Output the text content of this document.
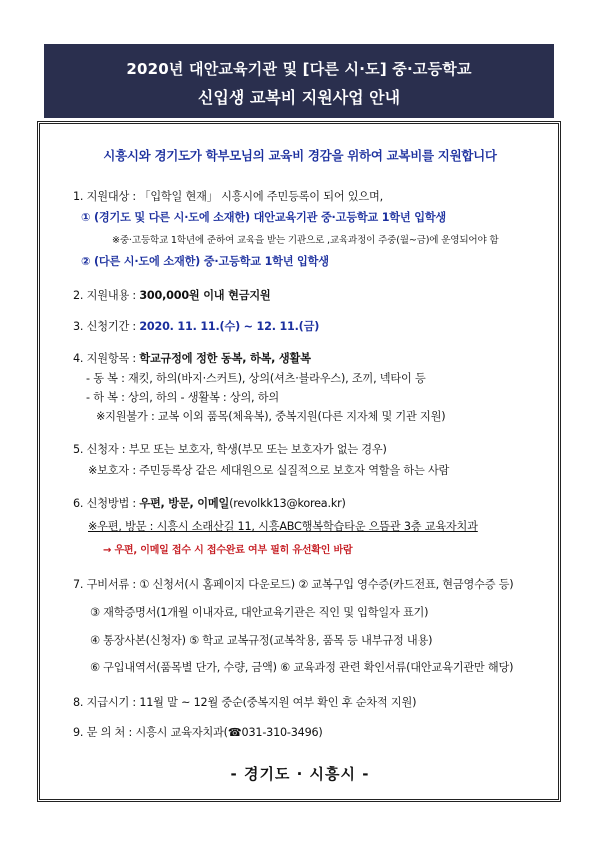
2020년 대안교육기관 및 [다른 시·도] 중·고등학교
신입생 교복비 지원사업 안내
시흥시와 경기도가 학부모님의 교육비 경감을 위하여 교복비를 지원합니다
1. 지원대상 : 「입학일 현재」 시흥시에 주민등록이 되어 있으며,
① (경기도 및 다른 시·도에 소재한) 대안교육기관 중·고등학교 1학년 입학생
※중·고등학교 1학년에 준하여 교육을 받는 기관으로 ,교육과정이 주중(월~금)에 운영되어야 함
② (다른 시·도에 소재한) 중·고등학교 1학년 입학생
2. 지원내용 : 300,000원 이내 현금지원
3. 신청기간 : 2020. 11. 11.(수) ~ 12. 11.(금)
4. 지원항목 : 학교규정에 정한 동복, 하복, 생활복
- 동 복 : 재킷, 하의(바지·스커트), 상의(셔츠·블라우스), 조끼, 넥타이 등
- 하 복 : 상의, 하의 - 생활복 : 상의, 하의
※지원불가 : 교복 이외 품목(체육복), 중복지원(다른 지자체 및 기관 지원)
5. 신청자 : 부모 또는 보호자, 학생(부모 또는 보호자가 없는 경우)
※보호자 : 주민등록상 같은 세대원으로 실질적으로 보호자 역할을 하는 사람
6. 신청방법 : 우편, 방문, 이메일(revolkk13@korea.kr)
※우편, 방문 : 시흥시 소래산길 11, 시흥ABC행복학습타운 으뜸관 3층 교육자치과
→ 우편, 이메일 접수 시 접수완료 여부 필히 유선확인 바람
7. 구비서류 : ① 신청서(시 홈페이지 다운로드) ② 교복구입 영수증(카드전표, 현금영수증 등)
③ 재학증명서(1개월 이내자료, 대안교육기관은 직인 및 입학일자 표기)
④ 통장사본(신청자) ⑤ 학교 교복규정(교복착용, 품목 등 내부규정 내용)
⑥ 구입내역서(품목별 단가, 수량, 금액) ⑥ 교육과정 관련 확인서류(대안교육기관만 해당)
8. 지급시기 : 11월 말 ~ 12월 중순(중복지원 여부 확인 후 순차적 지원)
9. 문 의 처 : 시흥시 교육자치과(☎031-310-3496)
- 경기도 · 시흥시 -
